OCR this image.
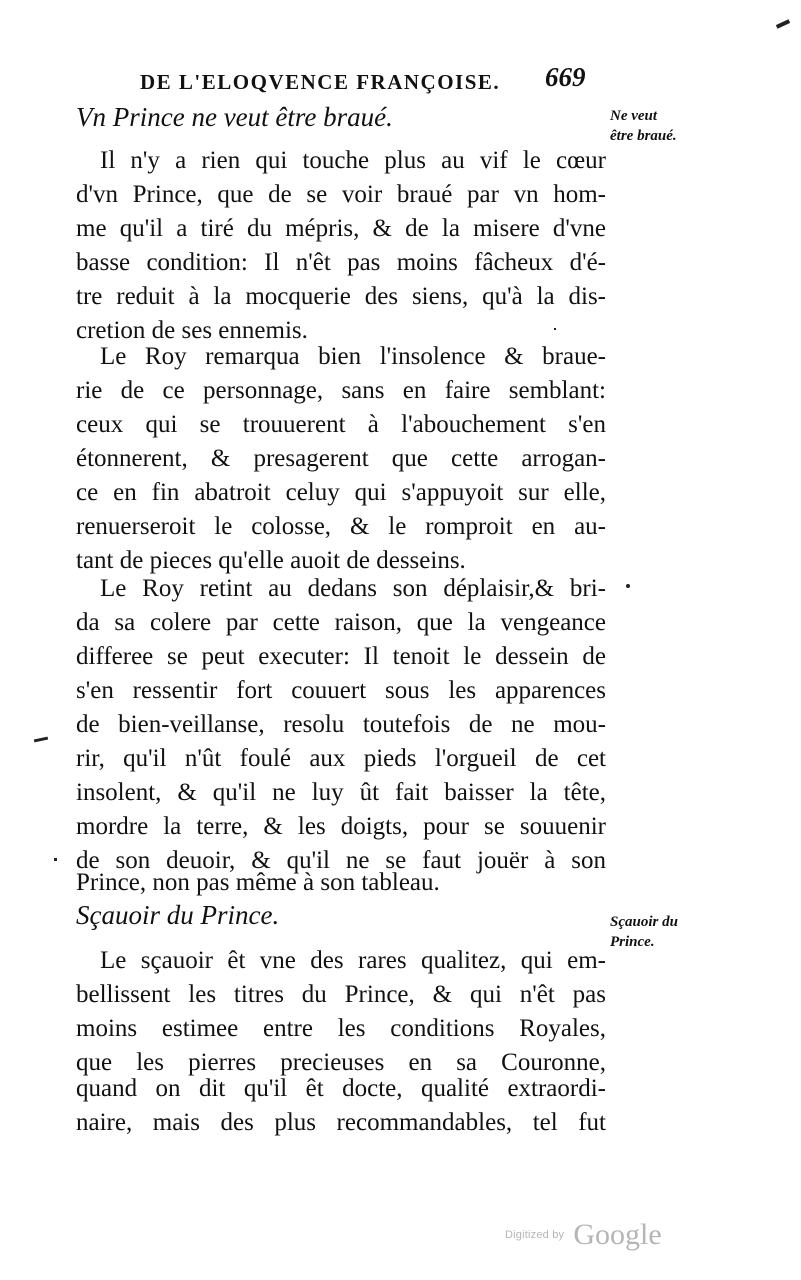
DE L'ELOQVENCE FRANÇOISE. 669
Vn Prince ne veut être braué.	Ne veut
être braué.
Il n'y a rien qui touche plus au vif le cœur
d'vn Prince, que de se voir braué par vn hom-
me qu'il a tiré du mépris, & de la misere d'vne
basse condition: Il n'êt pas moins fâcheux d'é-
tre reduit à la mocquerie des siens, qu'à la dis-
cretion de ses ennemis.
Le Roy remarqua bien l'insolence & braue-
rie de ce personnage, sans en faire semblant:
ceux qui se trouuerent à l'abouchement s'en
étonnerent, & presagerent que cette arrogan-
ce en fin abatroit celuy qui s'appuyoit sur elle,
renuerseroit le colosse, & le romproit en au-
tant de pieces qu'elle auoit de desseins.
Le Roy retint au dedans son déplaisir,& bri-
da sa colere par cette raison, que la vengeance
differee se peut executer: Il tenoit le dessein de
s'en ressentir fort couuert sous les apparences
de bien-veillanse, resolu toutefois de ne mou-
rir, qu'il n'ût foulé aux pieds l'orgueil de cet
insolent, & qu'il ne luy ût fait baisser la tête,
mordre la terre, & les doigts, pour se souuenir
de son deuoir, & qu'il ne se faut jouër à son
Prince, non pas même à son tableau.
Sçauoir du Prince.	Sçauoir du
Prince.
Le sçauoir êt vne des rares qualitez, qui em-
bellissent les titres du Prince, & qui n'êt pas
moins estimee entre les conditions Royales,
que les pierres precieuses en sa Couronne,
quand on dit qu'il êt docte, qualité extraordi-
naire, mais des plus recommandables, tel fut
Digitized by Google
